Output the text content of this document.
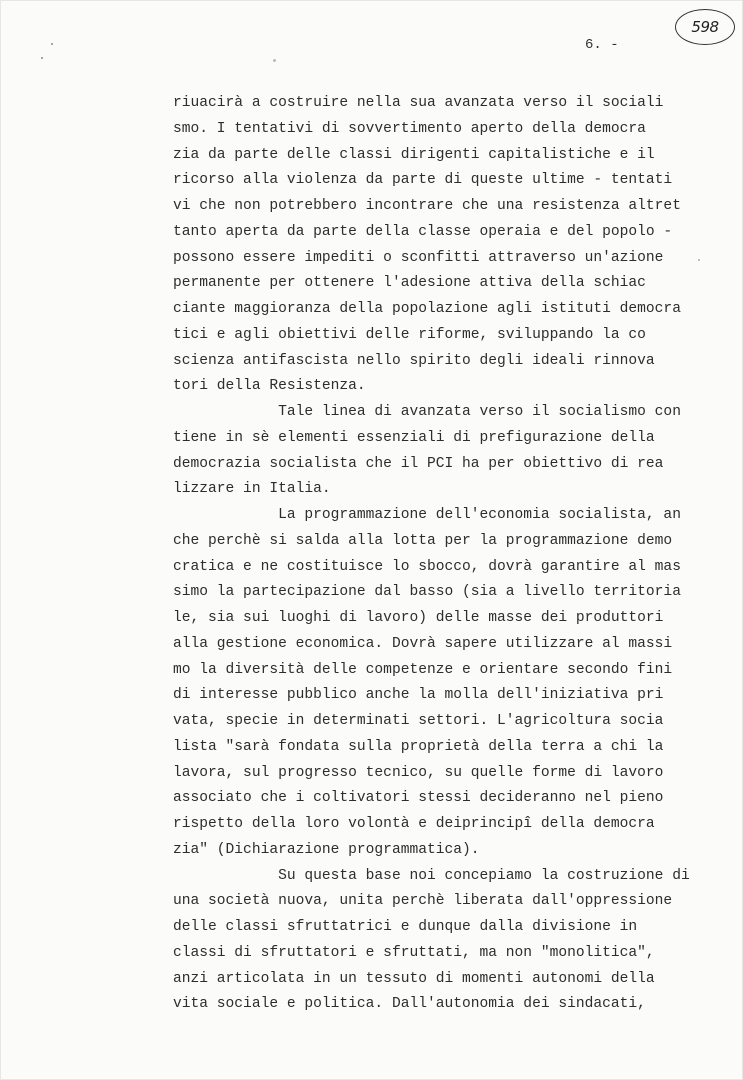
598
6. -
riuacirà a costruire nella sua avanzata verso il sociali
smo. I tentativi di sovvertimento aperto della democra
zia da parte delle classi dirigenti capitalistiche e il
ricorso alla violenza da parte di queste ultime - tentati
vi che non potrebbero incontrare che una resistenza altret
tanto aperta da parte della classe operaia e del popolo -
possono essere impediti o sconfitti attraverso un'azione
permanente per ottenere l'adesione attiva della schiac
ciante maggioranza della popolazione agli istituti democra
tici e agli obiettivi delle riforme, sviluppando la co
scienza antifascista nello spirito degli ideali rinnova
tori della Resistenza.
Tale linea di avanzata verso il socialismo con
tiene in sè elementi essenziali di prefigurazione della
democrazia socialista che il PCI ha per obiettivo di rea
lizzare in Italia.
La programmazione dell'economia socialista, an
che perchè si salda alla lotta per la programmazione demo
cratica e ne costituisce lo sbocco, dovrà garantire al mas
simo la partecipazione dal basso (sia a livello territoria
le, sia sui luoghi di lavoro) delle masse dei produttori
alla gestione economica. Dovrà sapere utilizzare al massi
mo la diversità delle competenze e orientare secondo fini
di interesse pubblico anche la molla dell'iniziativa pri
vata, specie in determinati settori. L'agricoltura socia
lista "sarà fondata sulla proprietà della terra a chi la
lavora, sul progresso tecnico, su quelle forme di lavoro
associato che i coltivatori stessi decideranno nel pieno
rispetto della loro volontà e deiprincipî della democra
zia" (Dichiarazione programmatica).
Su questa base noi concepiamo la costruzione di
una società nuova, unita perchè liberata dall'oppressione
delle classi sfruttatrici e dunque dalla divisione in
classi di sfruttatori e sfruttati, ma non "monolitica",
anzi articolata in un tessuto di momenti autonomi della
vita sociale e politica. Dall'autonomia dei sindacati,
